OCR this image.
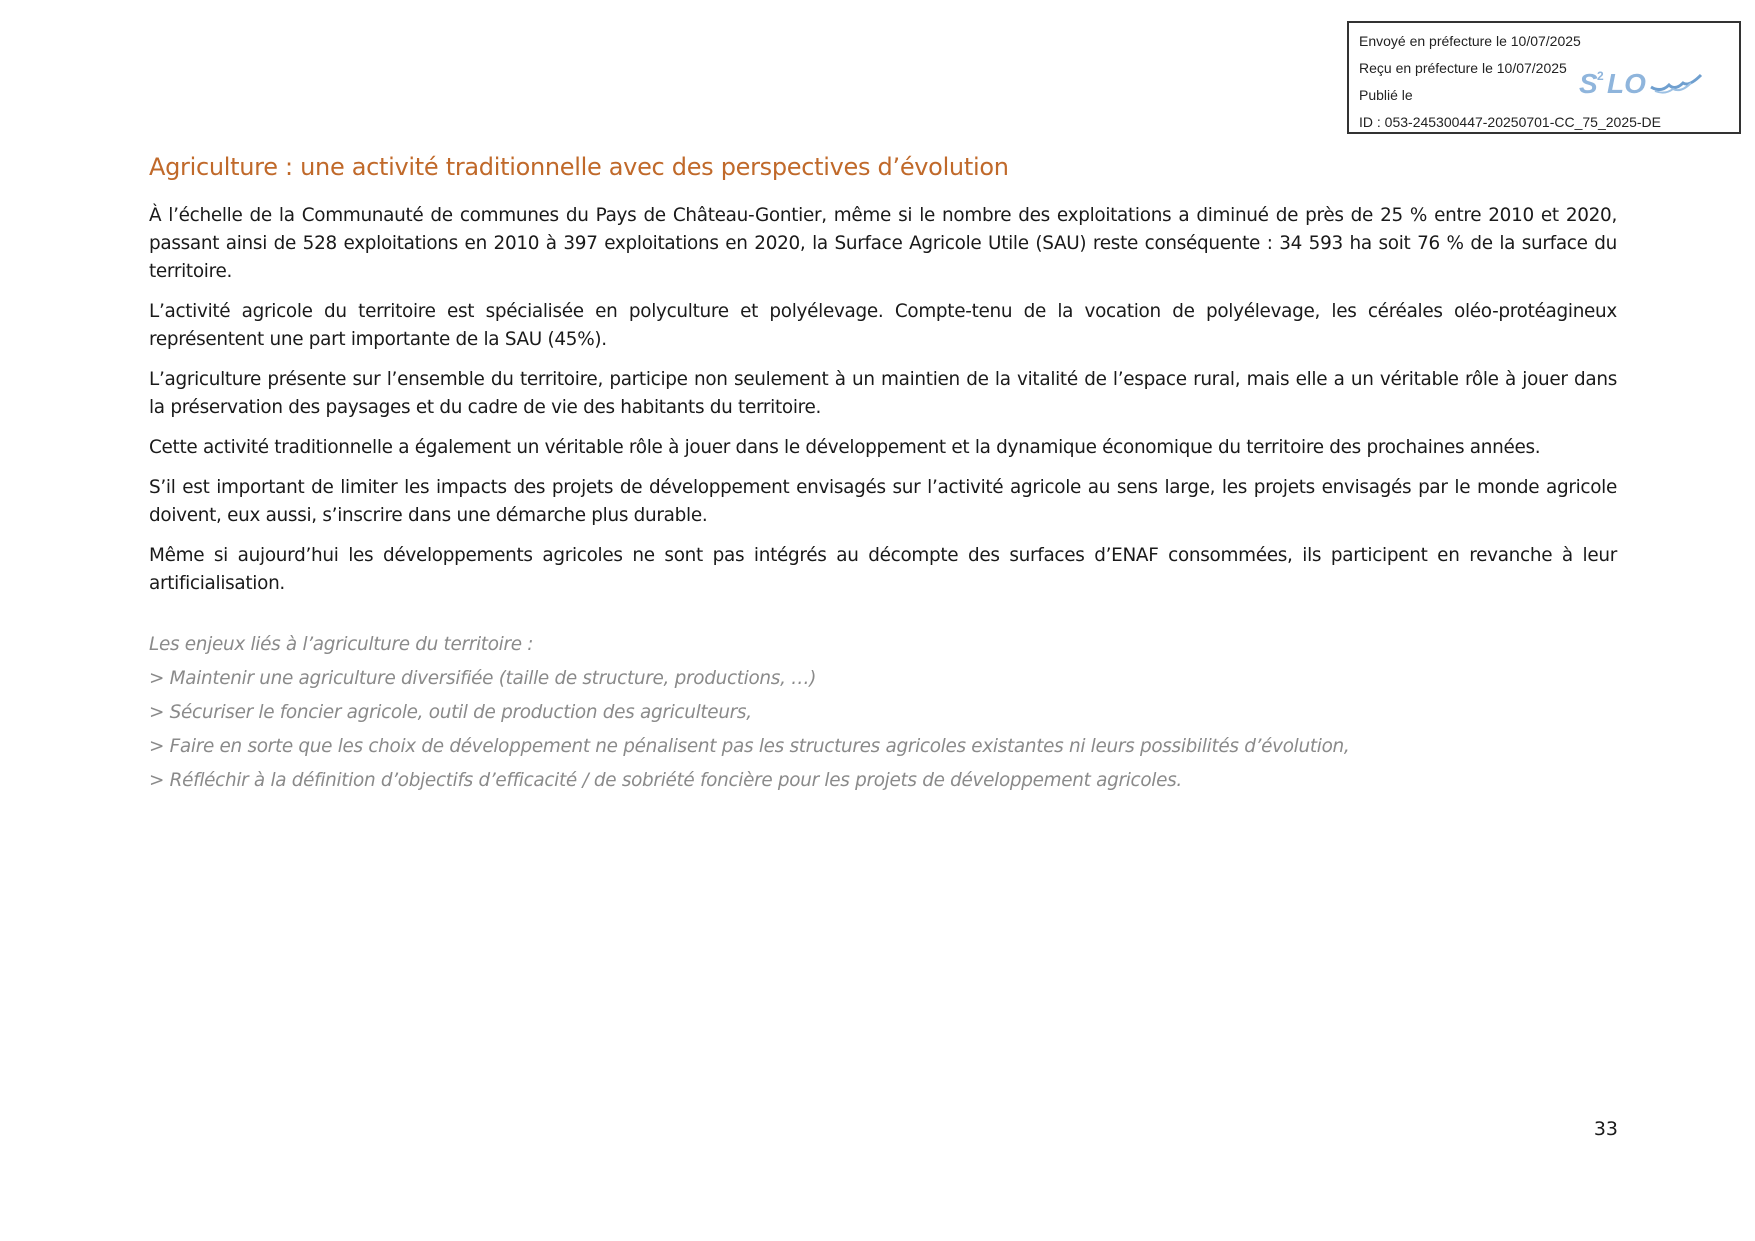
Envoyé en préfecture le 10/07/2025
Reçu en préfecture le 10/07/2025
Publié le
ID : 053-245300447-20250701-CC_75_2025-DE
S 2 LO
Agriculture : une activité traditionnelle avec des perspectives d’évolution

À l’échelle de la Communauté de communes du Pays de Château-Gontier, même si le nombre des exploitations a diminué de près de 25 % entre 2010 et 2020, passant ainsi de 528 exploitations en 2010 à 397 exploitations en 2020, la Surface Agricole Utile (SAU) reste conséquente : 34 593 ha soit 76 % de la surface du territoire.

L’activité agricole du territoire est spécialisée en polyculture et polyélevage. Compte-tenu de la vocation de polyélevage, les céréales oléo-protéagineux représentent une part importante de la SAU (45%).

L’agriculture présente sur l’ensemble du territoire, participe non seulement à un maintien de la vitalité de l’espace rural, mais elle a un véritable rôle à jouer dans la préservation des paysages et du cadre de vie des habitants du territoire.

Cette activité traditionnelle a également un véritable rôle à jouer dans le développement et la dynamique économique du territoire des prochaines années.

S’il est important de limiter les impacts des projets de développement envisagés sur l’activité agricole au sens large, les projets envisagés par le monde agricole doivent, eux aussi, s’inscrire dans une démarche plus durable.

Même si aujourd’hui les développements agricoles ne sont pas intégrés au décompte des surfaces d’ENAF consommées, ils participent en revanche à leur artificialisation.

Les enjeux liés à l’agriculture du territoire :

> Maintenir une agriculture diversifiée (taille de structure, productions, …)

> Sécuriser le foncier agricole, outil de production des agriculteurs,

> Faire en sorte que les choix de développement ne pénalisent pas les structures agricoles existantes ni leurs possibilités d’évolution,

> Réfléchir à la définition d’objectifs d’efficacité / de sobriété foncière pour les projets de développement agricoles.

33
